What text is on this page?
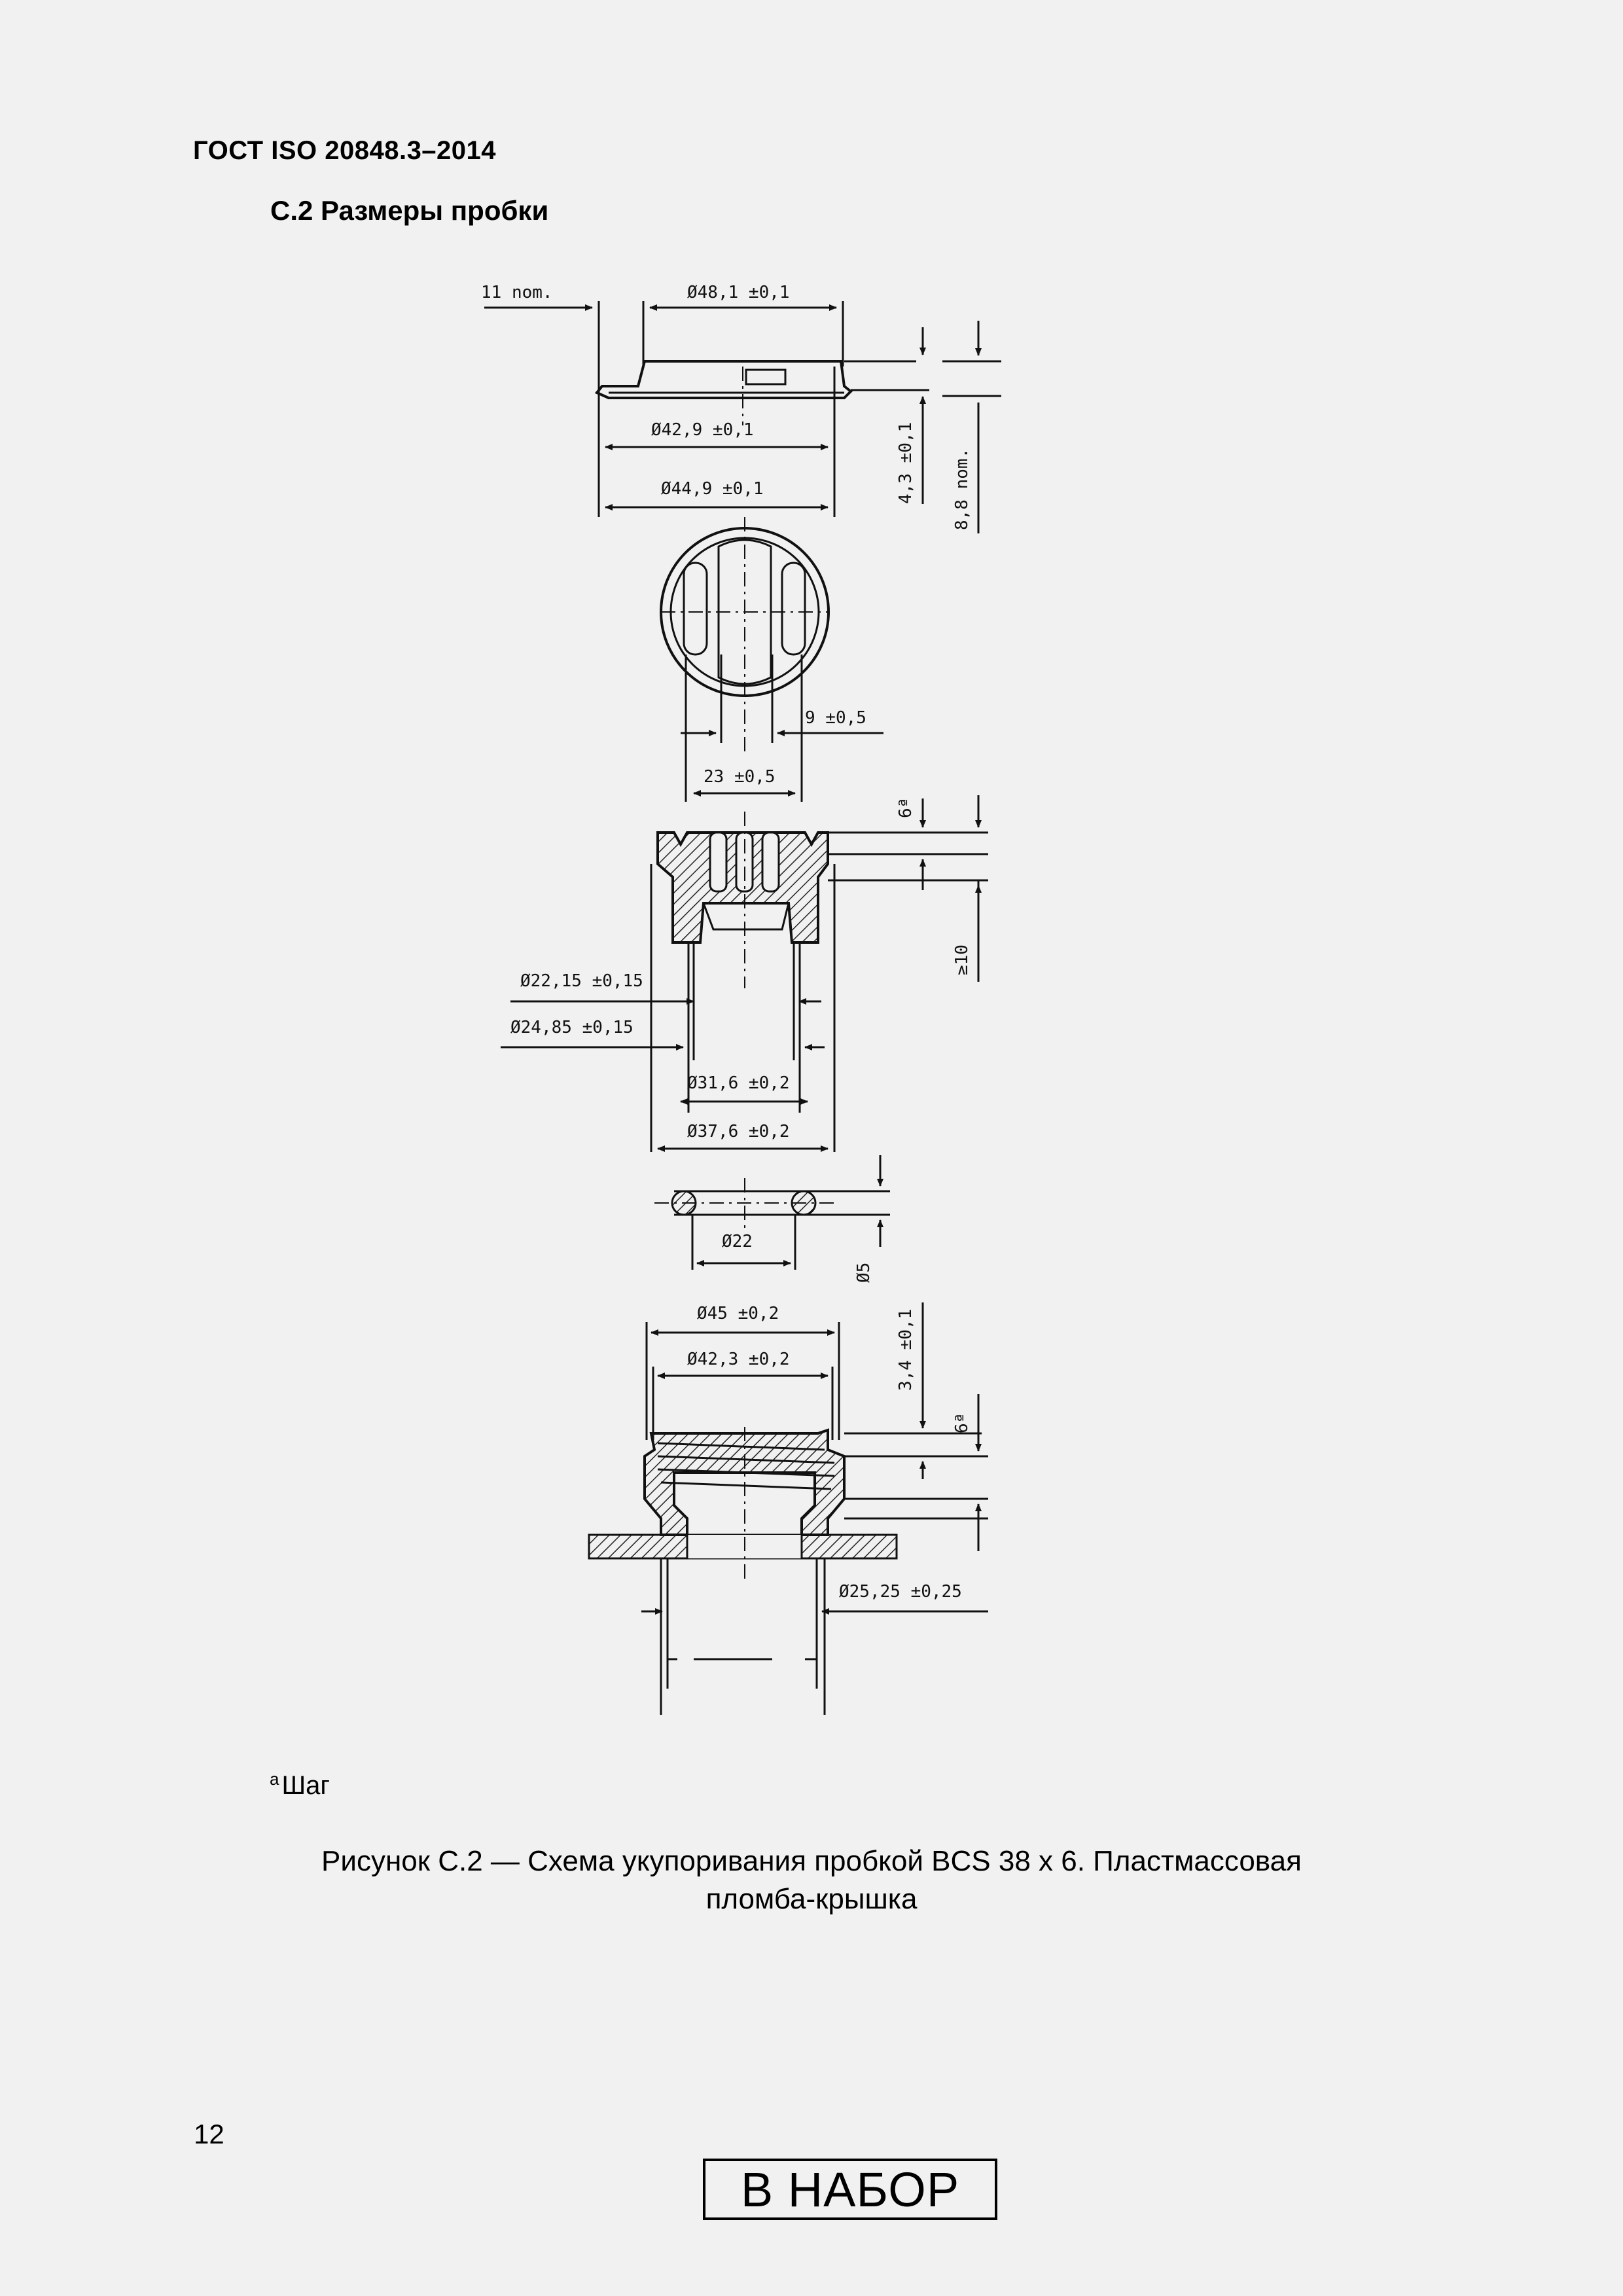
ГОСТ ISO 20848.3–2014
С.2 Размеры пробки
11 nom.	Ø48,1 ±0,1
Ø42,9 ±0,1
Ø44,9 ±0,1	4,3 ±0,1 8,8 nom.
9 ±0,5
23 ±0,5
6ª
≥10
Ø22,15 ±0,15
Ø24,85 ±0,15
Ø31,6 ±0,2
Ø37,6 ±0,2
Ø22
Ø5
Ø45 ±0,2
Ø42,3 ±0,2	3,4 ±0,1
6ª
Ø25,25 ±0,25
$^a$ Шаг
Рисунок С.2 — Схема укупоривания пробкой BCS 38 x 6. Пластмассовая
пломба-крышка
12
В НАБОР
